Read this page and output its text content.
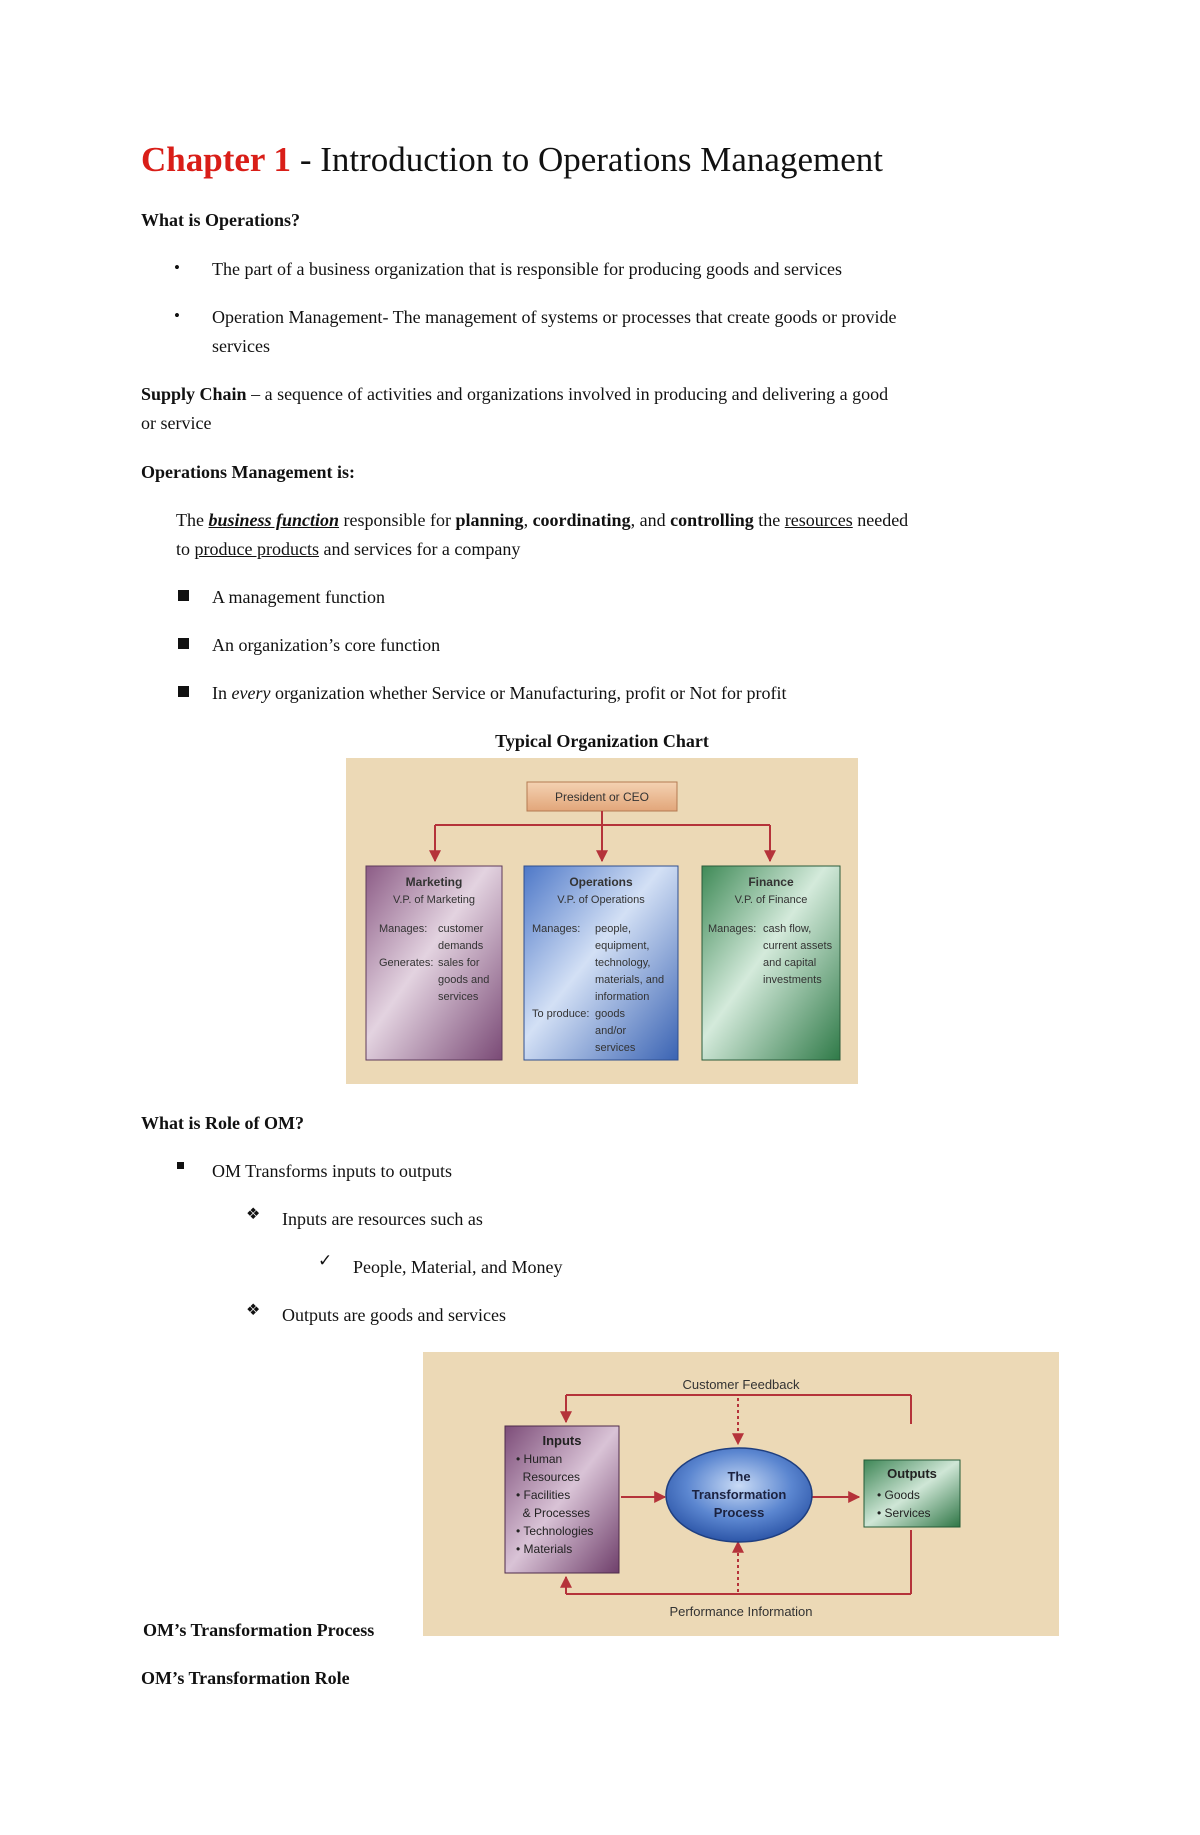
Chapter 1 - Introduction to Operations Management
What is Operations?
• The part of a business organization that is responsible for producing goods and services
• Operation Management- The management of systems or processes that create goods or provide
services
Supply Chain – a sequence of activities and organizations involved in producing and delivering a good
or service
Operations Management is:
The business function responsible for planning, coordinating, and controlling the resources needed
to produce products and services for a company
A management function
An organization’s core function
In every organization whether Service or Manufacturing, profit or Not for profit
Typical Organization Chart
President or CEO
Marketing
V.P. of Marketing
Manages: customer
demands
Generates: sales for
goods and
services
Operations
V.P. of Operations
Manages: people,
equipment,
technology,
materials, and
information
To produce: goods
and/or
services
Finance
V.P. of Finance
Manages: cash flow,
current assets
and capital
investments
What is Role of OM?
OM Transforms inputs to outputs
❖ Inputs are resources such as
✓ People, Material, and Money
❖ Outputs are goods and services
Customer Feedback
Performance Information
Inputs
• Human
Resources
• Facilities
& Processes
• Technologies
• Materials
The
Transformation
Process
Outputs
• Goods
• Services
OM’s Transformation Process
OM’s Transformation Role
